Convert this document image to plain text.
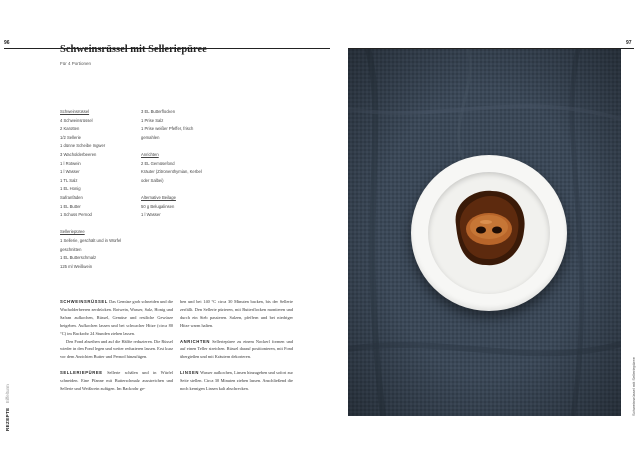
96
Schweinsrüssel mit Selleriepüree
Für 4 Portionen
Schweinsrüssel
4 Schweinsrüssel
2 Karotten
1/2 Sellerie
1 dünne Scheibe Ingwer
3 Wacholderbeeren
1 l Rotwein
1 l Wasser
1 TL Salz
1 EL Honig
Safranfäden
1 EL Butter
1 Schuss Pernod
Selleriepüree
1 Sellerie, geschält und in Würfel geschnitten
1 EL Butterschmalz
125 ml Weißwein
3 EL Butterflocken
1 Prise Salz
1 Prise weißer Pfeffer, frisch gemahlen
Anrichten
2 EL Gemüsefond
Kräuter (Zitronenthymian, Kerbel oder Salbei)
Alternative Beilage
50 g Belugalinsen
1 l Wasser

SCHWEINSRÜSSEL Das Gemüse grob schneiden und die Wacholderbeeren zerdrücken. Rotwein, Wasser, Salz, Honig und Safran aufkochen, Rüssel, Gemüse und restliche Gewürze beigeben. Aufkochen lassen und bei schwacher Hitze (circa 80 °C) im Backrohr 24 Stunden ziehen lassen.

Den Fond abseihen und auf die Hälfte reduzieren. Die Rüssel wieder in den Fond legen und weiter reduzieren lassen. Erst kurz vor dem Anrichten Butter und Pernod hinzufügen.

SELLERIEPÜREE Sellerie schälen und in Würfel schneiden. Eine Pfanne mit Butterschmalz ausstreichen und Sellerie und Weißwein zufügen. Im Backrohr ge-

ben und bei 140 °C circa 30 Minuten backen, bis der Sellerie zerfällt. Den Sellerie pürieren, mit Butterflocken montieren und durch ein Sieb passieren. Salzen, pfeffern und bei niedriger Hitze warm halten.

ANRICHTEN Selleriepüree zu einem Nockerl formen und auf einen Teller streichen. Rüssel darauf positionieren, mit Fond übergießen und mit Kräutern dekorieren.

LINSEN Wasser aufkochen, Linsen hinzugeben und sofort zur Seite stellen. Circa 30 Minuten ziehen lassen. Anschließend die noch kernigen Linsen kalt abschrecken.

REZEPTE Eiffelturm
97
Schweinsrüssel mit Selleriepüree
